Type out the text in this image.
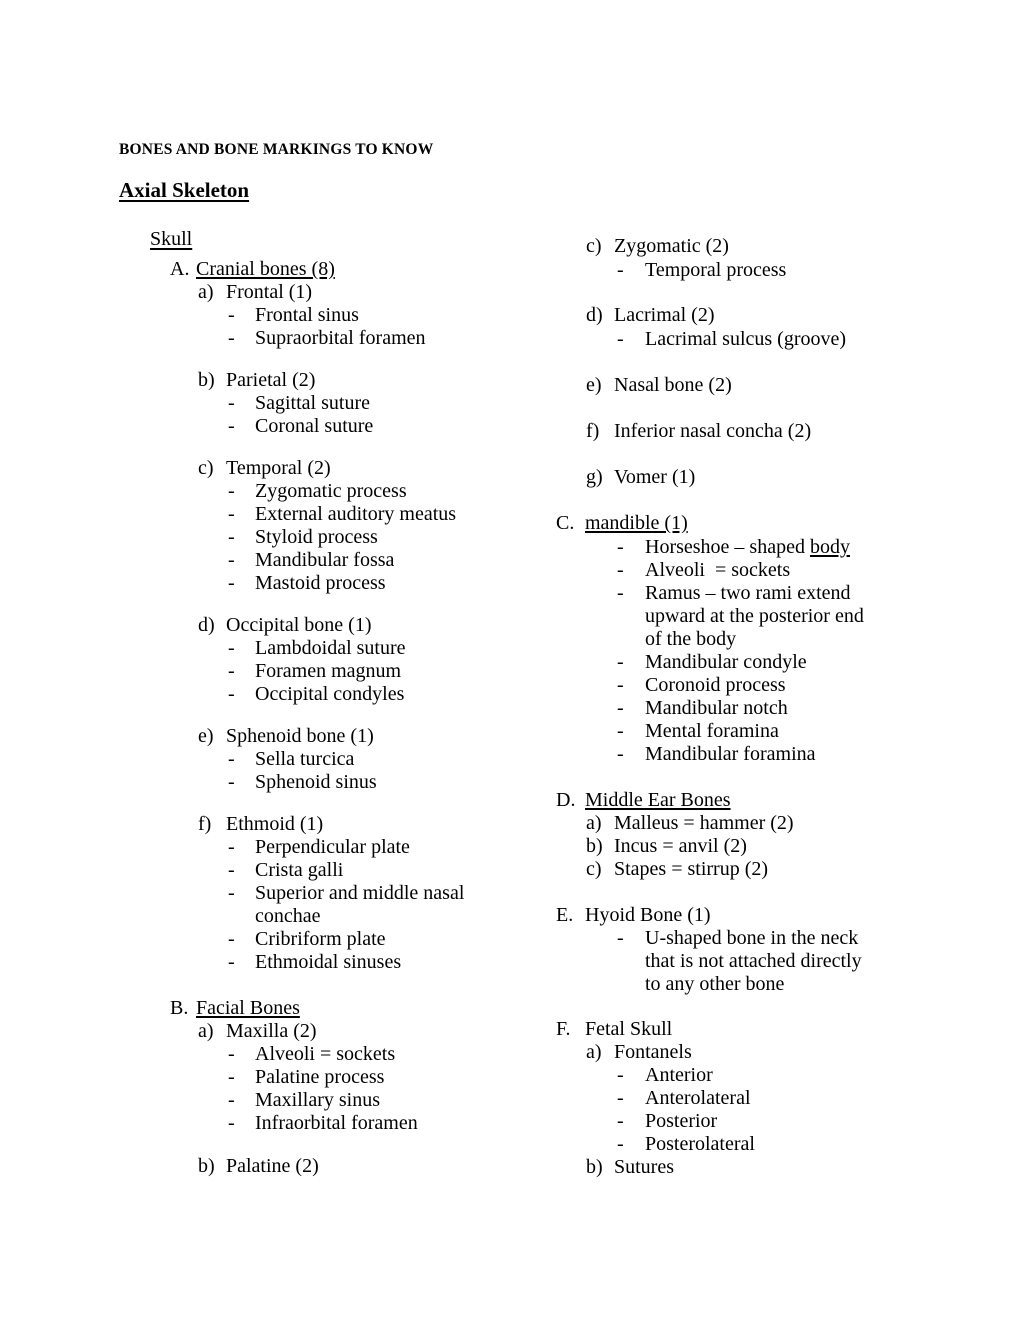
BONES AND BONE MARKINGS TO KNOW
Axial Skeleton
Skull
A. Cranial bones (8)
a) Frontal (1)
- Frontal sinus
- Supraorbital foramen
b) Parietal (2)
- Sagittal suture
- Coronal suture
c) Temporal (2)
- Zygomatic process
- External auditory meatus
- Styloid process
- Mandibular fossa
- Mastoid process
d) Occipital bone (1)
- Lambdoidal suture
- Foramen magnum
- Occipital condyles
e) Sphenoid bone (1)
- Sella turcica
- Sphenoid sinus
f) Ethmoid (1)
- Perpendicular plate
- Crista galli
- Superior and middle nasal
conchae
- Cribriform plate
- Ethmoidal sinuses
B. Facial Bones
a) Maxilla (2)
- Alveoli = sockets
- Palatine process
- Maxillary sinus
- Infraorbital foramen
b) Palatine (2)
c) Zygomatic (2)
- Temporal process
d) Lacrimal (2)
- Lacrimal sulcus (groove)
e) Nasal bone (2)
f) Inferior nasal concha (2)
g) Vomer (1)
C. mandible (1)
- Horseshoe – shaped body
- Alveoli  = sockets
- Ramus – two rami extend
upward at the posterior end
of the body
- Mandibular condyle
- Coronoid process
- Mandibular notch
- Mental foramina
- Mandibular foramina
D. Middle Ear Bones
a) Malleus = hammer (2)
b) Incus = anvil (2)
c) Stapes = stirrup (2)
E. Hyoid Bone (1)
- U-shaped bone in the neck
that is not attached directly
to any other bone
F. Fetal Skull
a) Fontanels
- Anterior
- Anterolateral
- Posterior
- Posterolateral
b) Sutures
